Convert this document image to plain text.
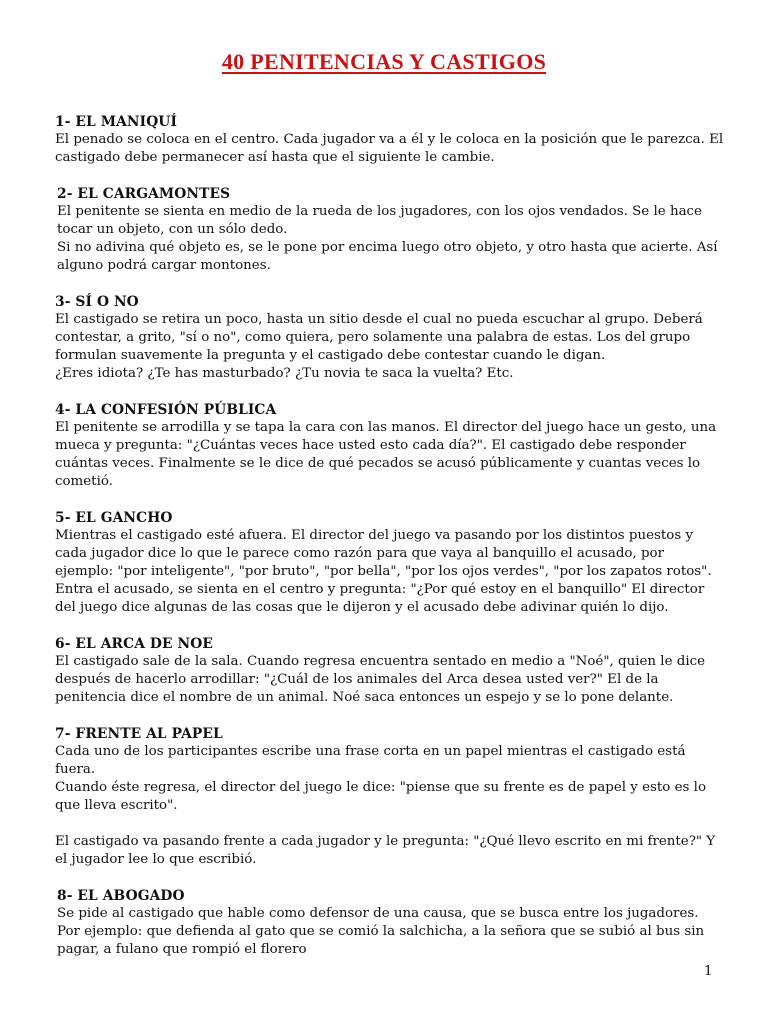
40 PENITENCIAS Y CASTIGOS

1- EL MANIQUÍ

El penado se coloca en el centro. Cada jugador va a él y le coloca en la posición que le parezca. El castigado debe permanecer así hasta que el siguiente le cambie.

2- EL CARGAMONTES

El penitente se sienta en medio de la rueda de los jugadores, con los ojos vendados. Se le hace tocar un objeto, con un sólo dedo.

Si no adivina qué objeto es, se le pone por encima luego otro objeto, y otro hasta que acierte. Así alguno podrá cargar montones.

3- SÍ O NO

El castigado se retira un poco, hasta un sitio desde el cual no pueda escuchar al grupo. Deberá contestar, a grito, "sí o no", como quiera, pero solamente una palabra de estas. Los del grupo formulan suavemente la pregunta y el castigado debe contestar cuando le digan.

¿Eres idiota? ¿Te has masturbado? ¿Tu novia te saca la vuelta? Etc.

4- LA CONFESIÓN PÚBLICA

El penitente se arrodilla y se tapa la cara con las manos. El director del juego hace un gesto, una mueca y pregunta: "¿Cuántas veces hace usted esto cada día?". El castigado debe responder cuántas veces. Finalmente se le dice de qué pecados se acusó públicamente y cuantas veces lo cometió.

5- EL GANCHO

Mientras el castigado esté afuera. El director del juego va pasando por los distintos puestos y cada jugador dice lo que le parece como razón para que vaya al banquillo el acusado, por ejemplo: "por inteligente", "por bruto", "por bella", "por los ojos verdes", "por los zapatos rotos". Entra el acusado, se sienta en el centro y pregunta: "¿Por qué estoy en el banquillo" El director del juego dice algunas de las cosas que le dijeron y el acusado debe adivinar quién lo dijo.

6- EL ARCA DE NOE

El castigado sale de la sala. Cuando regresa encuentra sentado en medio a "Noé", quien le dice después de hacerlo arrodillar: "¿Cuál de los animales del Arca desea usted ver?" El de la penitencia dice el nombre de un animal. Noé saca entonces un espejo y se lo pone delante.

7- FRENTE AL PAPEL

Cada uno de los participantes escribe una frase corta en un papel mientras el castigado está fuera.

Cuando éste regresa, el director del juego le dice: "piense que su frente es de papel y esto es lo que lleva escrito".

El castigado va pasando frente a cada jugador y le pregunta: "¿Qué llevo escrito en mi frente?" Y el jugador lee lo que escribió.

8- EL ABOGADO

Se pide al castigado que hable como defensor de una causa, que se busca entre los jugadores. Por ejemplo: que defienda al gato que se comió la salchicha, a la señora que se subió al bus sin pagar, a fulano que rompió el florero

1
